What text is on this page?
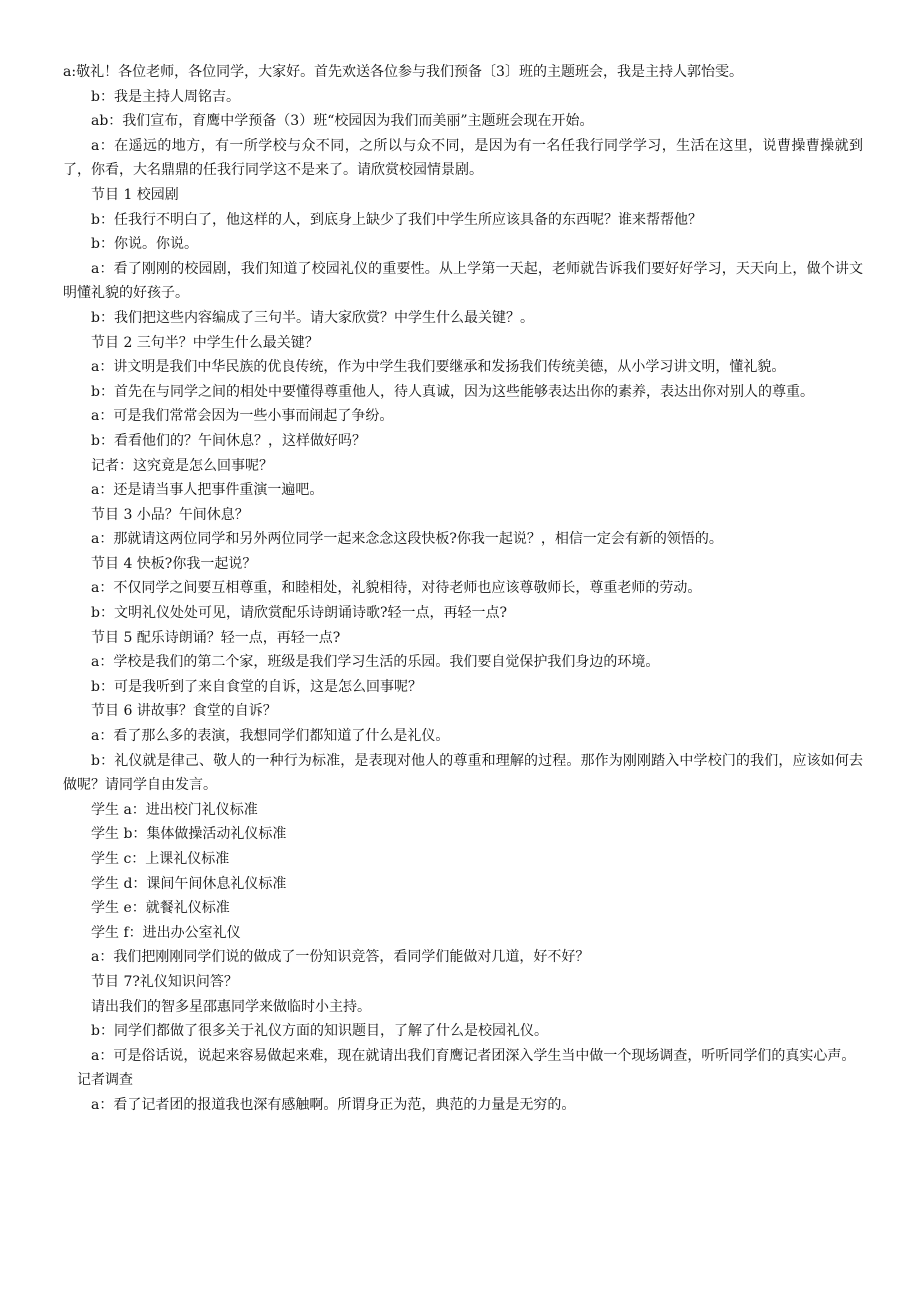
a:敬礼！各位老师，各位同学，大家好。首先欢送各位参与我们预备〔3〕班的主题班会，我是主持人郭怡雯。

b：我是主持人周铭吉。

ab：我们宣布，育鹰中学预备（3）班“校园因为我们而美丽”主题班会现在开始。

a：在遥远的地方，有一所学校与众不同，之所以与众不同，是因为有一名任我行同学学习，生活在这里，说曹操曹操就到了，你看，大名鼎鼎的任我行同学这不是来了。请欣赏校园情景剧。

节目 1 校园剧

b：任我行不明白了，他这样的人，到底身上缺少了我们中学生所应该具备的东西呢？谁来帮帮他？

b：你说。你说。

a：看了刚刚的校园剧，我们知道了校园礼仪的重要性。从上学第一天起，老师就告诉我们要好好学习，天天向上，做个讲文明懂礼貌的好孩子。

b：我们把这些内容编成了三句半。请大家欣赏？中学生什么最关键？。

节目 2 三句半？中学生什么最关键？

a：讲文明是我们中华民族的优良传统，作为中学生我们要继承和发扬我们传统美德，从小学习讲文明，懂礼貌。

b：首先在与同学之间的相处中要懂得尊重他人，待人真诚，因为这些能够表达出你的素养，表达出你对别人的尊重。

a：可是我们常常会因为一些小事而闹起了争纷。

b：看看他们的？午间休息？，这样做好吗？

记者：这究竟是怎么回事呢？

a：还是请当事人把事件重演一遍吧。

节目 3 小品？午间休息？

a：那就请这两位同学和另外两位同学一起来念念这段快板?你我一起说？，相信一定会有新的领悟的。

节目 4 快板?你我一起说？

a：不仅同学之间要互相尊重，和睦相处，礼貌相待，对待老师也应该尊敬师长，尊重老师的劳动。

b：文明礼仪处处可见，请欣赏配乐诗朗诵诗歌?轻一点，再轻一点?

节目 5 配乐诗朗诵？轻一点，再轻一点?

a：学校是我们的第二个家，班级是我们学习生活的乐园。我们要自觉保护我们身边的环境。

b：可是我听到了来自食堂的自诉，这是怎么回事呢？

节目 6 讲故事？食堂的自诉？

a：看了那么多的表演，我想同学们都知道了什么是礼仪。

b：礼仪就是律己、敬人的一种行为标准，是表现对他人的尊重和理解的过程。那作为刚刚踏入中学校门的我们，应该如何去做呢？请同学自由发言。

学生 a：进出校门礼仪标准

学生 b：集体做操活动礼仪标准

学生 c：上课礼仪标准

学生 d：课间午间休息礼仪标准

学生 e：就餐礼仪标准

学生 f：进出办公室礼仪

a：我们把刚刚同学们说的做成了一份知识竞答，看同学们能做对几道，好不好？

节目 7?礼仪知识问答？

请出我们的智多星邵惠同学来做临时小主持。

b：同学们都做了很多关于礼仪方面的知识题目，了解了什么是校园礼仪。

a：可是俗话说，说起来容易做起来难，现在就请出我们育鹰记者团深入学生当中做一个现场调查，听听同学们的真实心声。

记者调查

a：看了记者团的报道我也深有感触啊。所谓身正为范，典范的力量是无穷的。
